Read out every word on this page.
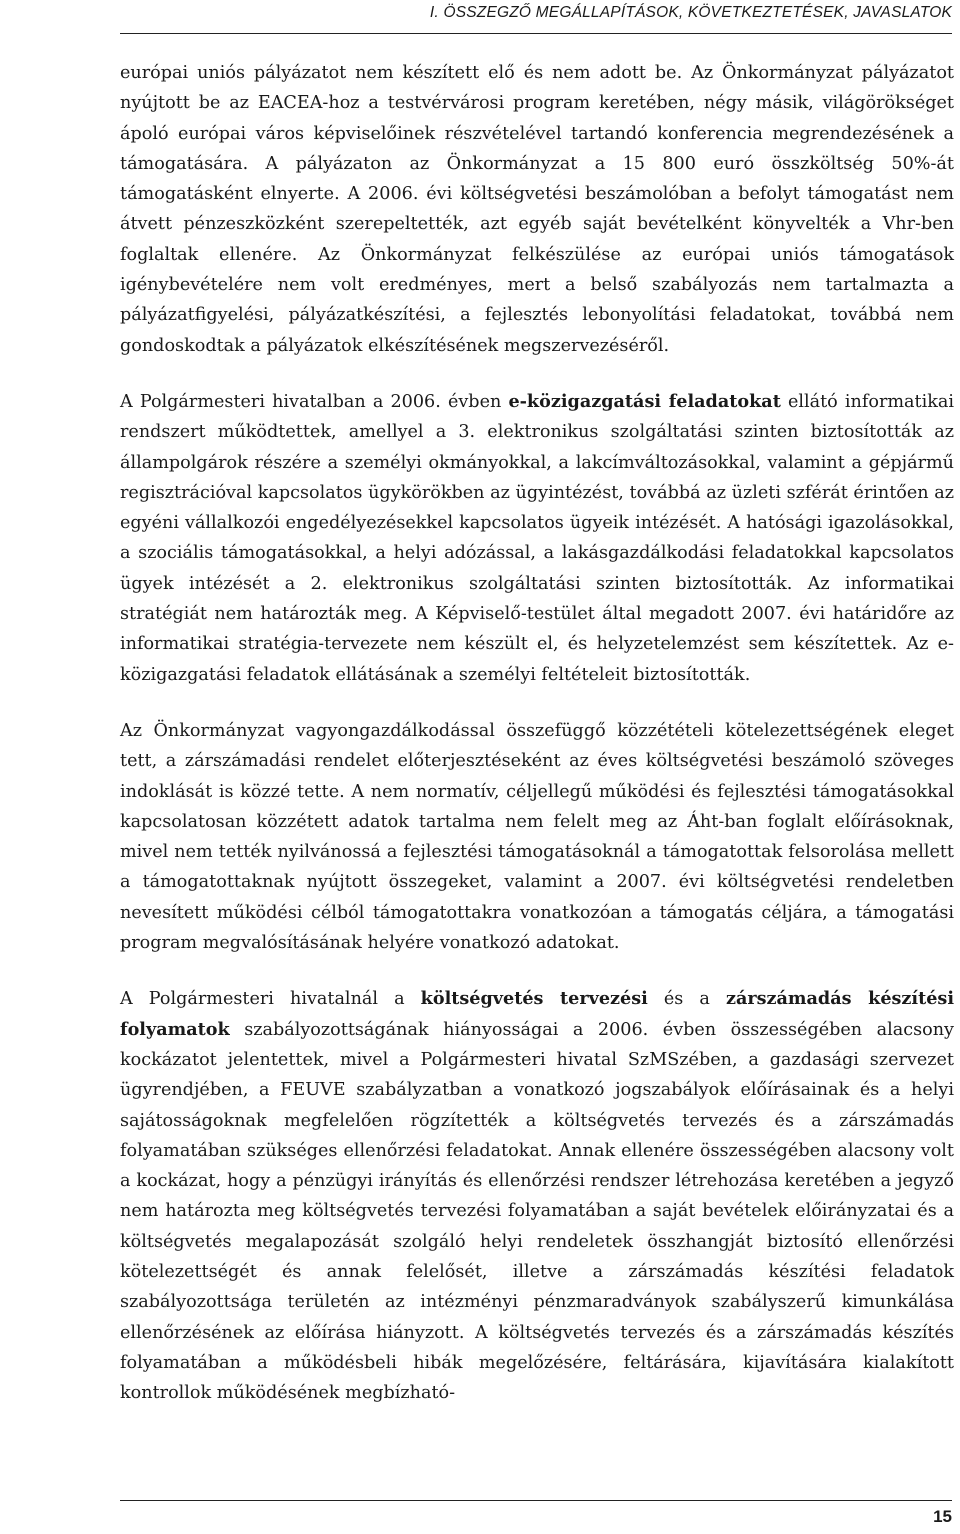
I. ÖSSZEGZŐ MEGÁLLAPÍTÁSOK, KÖVETKEZTETÉSEK, JAVASLATOK

európai uniós pályázatot nem készített elő és nem adott be. Az Önkormányzat pályázatot nyújtott be az EACEA-hoz a testvérvárosi program keretében, négy másik, világörökséget ápoló európai város képviselőinek részvételével tartandó konferencia megrendezésének a támogatására. A pályázaton az Önkormányzat a 15 800 euró összköltség 50%-át támogatásként elnyerte. A 2006. évi költségvetési beszámolóban a befolyt támogatást nem átvett pénzeszközként szerepeltették, azt egyéb saját bevételként könyvelték a Vhr-ben foglaltak ellenére. Az Önkormányzat felkészülése az európai uniós támogatások igénybevételére nem volt eredményes, mert a belső szabályozás nem tartalmazta a pályázatfigyelési, pályázatkészítési, a fejlesztés lebonyolítási feladatokat, továbbá nem gondoskodtak a pályázatok elkészítésének megszervezéséről.

A Polgármesteri hivatalban a 2006. évben e-közigazgatási feladatokat ellátó informatikai rendszert működtettek, amellyel a 3. elektronikus szolgáltatási szinten biztosították az állampolgárok részére a személyi okmányokkal, a lakcímváltozásokkal, valamint a gépjármű regisztrációval kapcsolatos ügykörökben az ügyintézést, továbbá az üzleti szférát érintően az egyéni vállalkozói engedélyezésekkel kapcsolatos ügyeik intézését. A hatósági igazolásokkal, a szociális támogatásokkal, a helyi adózással, a lakásgazdálkodási feladatokkal kapcsolatos ügyek intézését a 2. elektronikus szolgáltatási szinten biztosították. Az informatikai stratégiát nem határozták meg. A Képviselő-testület által megadott 2007. évi határidőre az informatikai stratégia-tervezete nem készült el, és helyzetelemzést sem készítettek. Az e-közigazgatási feladatok ellátásának a személyi feltételeit biztosították.

Az Önkormányzat vagyongazdálkodással összefüggő közzétételi kötelezettségének eleget tett, a zárszámadási rendelet előterjesztéseként az éves költségvetési beszámoló szöveges indoklását is közzé tette. A nem normatív, céljellegű működési és fejlesztési támogatásokkal kapcsolatosan közzétett adatok tartalma nem felelt meg az Áht-ban foglalt előírásoknak, mivel nem tették nyilvánossá a fejlesztési támogatásoknál a támogatottak felsorolása mellett a támogatottaknak nyújtott összegeket, valamint a 2007. évi költségvetési rendeletben nevesített működési célból támogatottakra vonatkozóan a támogatás céljára, a támogatási program megvalósításának helyére vonatkozó adatokat.

A Polgármesteri hivatalnál a költségvetés tervezési és a zárszámadás készítési folyamatok szabályozottságának hiányosságai a 2006. évben összességében alacsony kockázatot jelentettek, mivel a Polgármesteri hivatal SzMSzében, a gazdasági szervezet ügyrendjében, a FEUVE szabályzatban a vonatkozó jogszabályok előírásainak és a helyi sajátosságoknak megfelelően rögzítették a költségvetés tervezés és a zárszámadás folyamatában szükséges ellenőrzési feladatokat. Annak ellenére összességében alacsony volt a kockázat, hogy a pénzügyi irányítás és ellenőrzési rendszer létrehozása keretében a jegyző nem határozta meg költségvetés tervezési folyamatában a saját bevételek előirányzatai és a költségvetés megalapozását szolgáló helyi rendeletek összhangját biztosító ellenőrzési kötelezettségét és annak felelősét, illetve a zárszámadás készítési feladatok szabályozottsága területén az intézményi pénzmaradványok szabályszerű kimunkálása ellenőrzésének az előírása hiányzott. A költségvetés tervezés és a zárszámadás készítés folyamatában a működésbeli hibák megelőzésére, feltárására, kijavítására kialakított kontrollok működésének megbízható-

15
